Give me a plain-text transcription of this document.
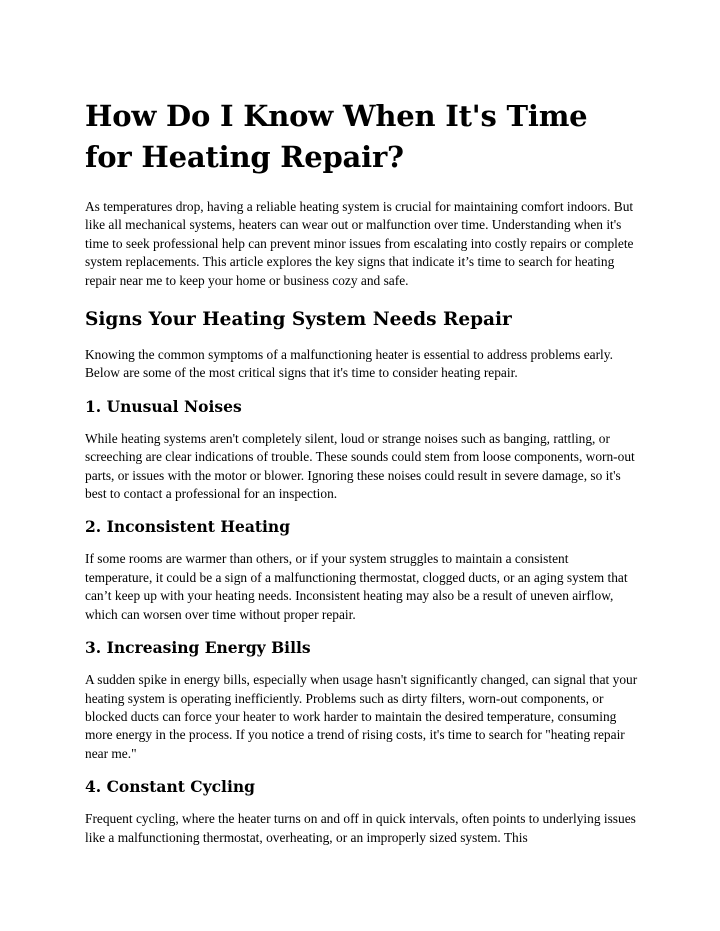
How Do I Know When It's Time for Heating Repair?

As temperatures drop, having a reliable heating system is crucial for maintaining comfort indoors. But like all mechanical systems, heaters can wear out or malfunction over time. Understanding when it's time to seek professional help can prevent minor issues from escalating into costly repairs or complete system replacements. This article explores the key signs that indicate it’s time to search for heating repair near me to keep your home or business cozy and safe.

Signs Your Heating System Needs Repair

Knowing the common symptoms of a malfunctioning heater is essential to address problems early. Below are some of the most critical signs that it's time to consider heating repair.

1. Unusual Noises

While heating systems aren't completely silent, loud or strange noises such as banging, rattling, or screeching are clear indications of trouble. These sounds could stem from loose components, worn-out parts, or issues with the motor or blower. Ignoring these noises could result in severe damage, so it's best to contact a professional for an inspection.

2. Inconsistent Heating

If some rooms are warmer than others, or if your system struggles to maintain a consistent temperature, it could be a sign of a malfunctioning thermostat, clogged ducts, or an aging system that can’t keep up with your heating needs. Inconsistent heating may also be a result of uneven airflow, which can worsen over time without proper repair.

3. Increasing Energy Bills

A sudden spike in energy bills, especially when usage hasn't significantly changed, can signal that your heating system is operating inefficiently. Problems such as dirty filters, worn-out components, or blocked ducts can force your heater to work harder to maintain the desired temperature, consuming more energy in the process. If you notice a trend of rising costs, it's time to search for "heating repair near me."

4. Constant Cycling

Frequent cycling, where the heater turns on and off in quick intervals, often points to underlying issues like a malfunctioning thermostat, overheating, or an improperly sized system. This
